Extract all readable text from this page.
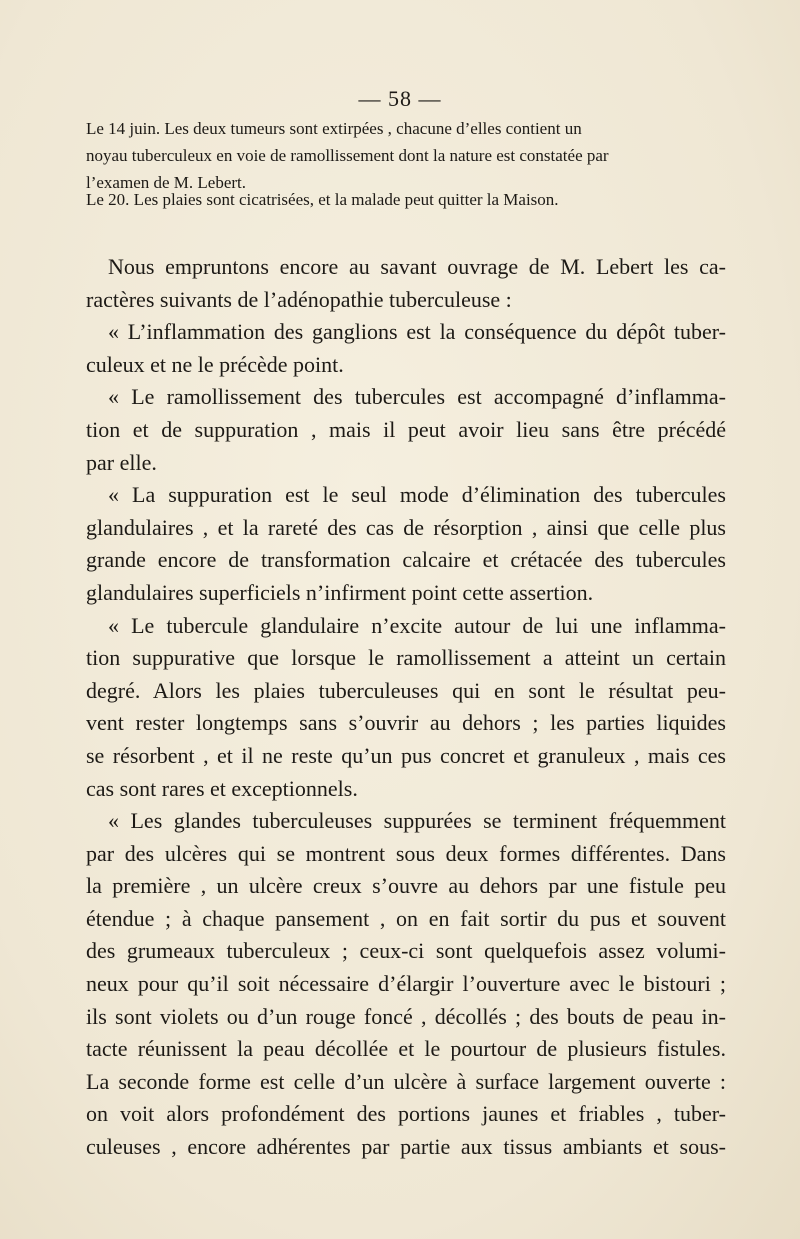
— 58 —
Le 14 juin. Les deux tumeurs sont extirpées , chacune d’elles contient un
noyau tuberculeux en voie de ramollissement dont la nature est constatée par
l’examen de M. Lebert.
Le 20. Les plaies sont cicatrisées, et la malade peut quitter la Maison.
Nous empruntons encore au savant ouvrage de M. Lebert les ca-
ractères suivants de l’adénopathie tuberculeuse :
« L’inflammation des ganglions est la conséquence du dépôt tuber-
culeux et ne le précède point.
« Le ramollissement des tubercules est accompagné d’inflamma-
tion et de suppuration , mais il peut avoir lieu sans être précédé
par elle.
« La suppuration est le seul mode d’élimination des tubercules
glandulaires , et la rareté des cas de résorption , ainsi que celle plus
grande encore de transformation calcaire et crétacée des tubercules
glandulaires superficiels n’infirment point cette assertion.
« Le tubercule glandulaire n’excite autour de lui une inflamma-
tion suppurative que lorsque le ramollissement a atteint un certain
degré. Alors les plaies tuberculeuses qui en sont le résultat peu-
vent rester longtemps sans s’ouvrir au dehors ; les parties liquides
se résorbent , et il ne reste qu’un pus concret et granuleux , mais ces
cas sont rares et exceptionnels.
« Les glandes tuberculeuses suppurées se terminent fréquemment
par des ulcères qui se montrent sous deux formes différentes. Dans
la première , un ulcère creux s’ouvre au dehors par une fistule peu
étendue ; à chaque pansement , on en fait sortir du pus et souvent
des grumeaux tuberculeux ; ceux-ci sont quelquefois assez volumi-
neux pour qu’il soit nécessaire d’élargir l’ouverture avec le bistouri ;
ils sont violets ou d’un rouge foncé , décollés ; des bouts de peau in-
tacte réunissent la peau décollée et le pourtour de plusieurs fistules.
La seconde forme est celle d’un ulcère à surface largement ouverte :
on voit alors profondément des portions jaunes et friables , tuber-
culeuses , encore adhérentes par partie aux tissus ambiants et sous-
